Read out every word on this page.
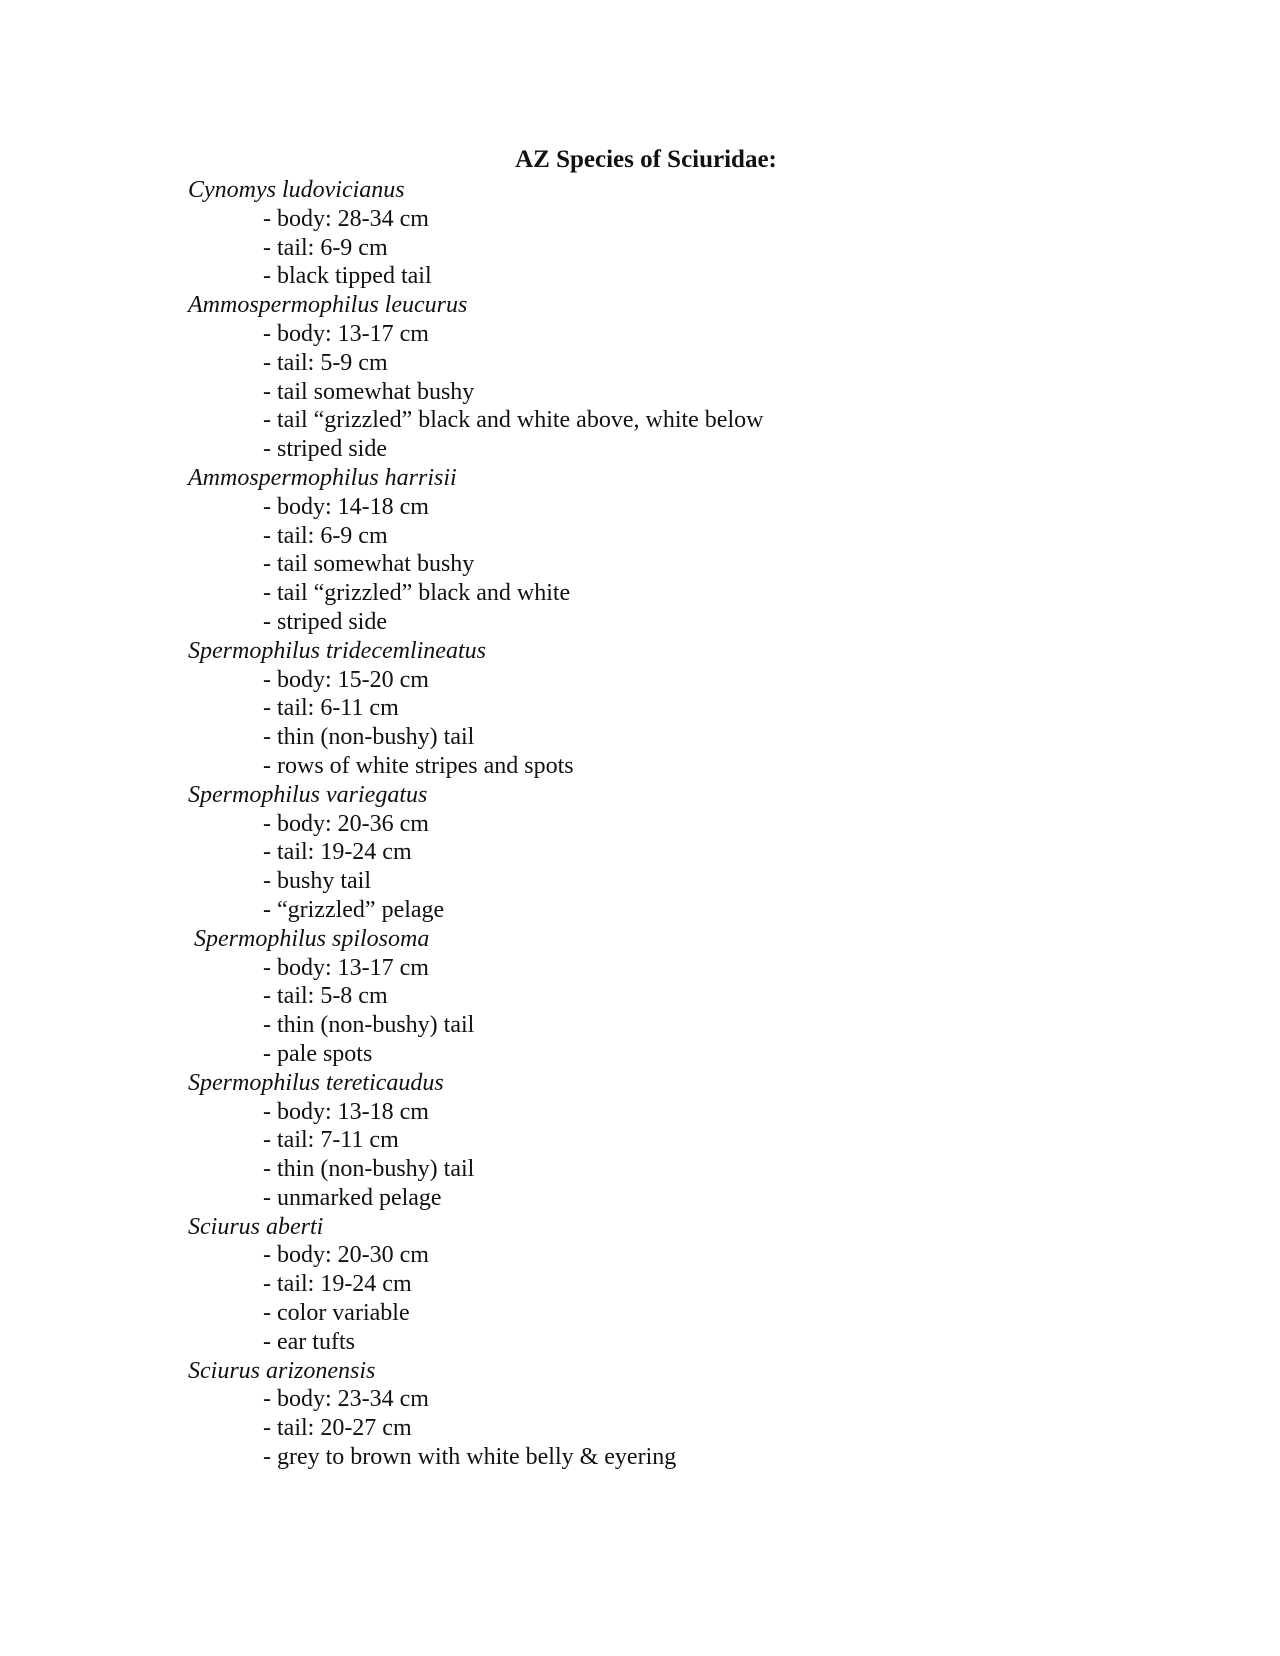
AZ Species of Sciuridae:
Cynomys ludovicianus
- body: 28-34 cm
- tail: 6-9 cm
- black tipped tail
Ammospermophilus leucurus
- body: 13-17 cm
- tail: 5-9 cm
- tail somewhat bushy
- tail “grizzled” black and white above, white below
- striped side
Ammospermophilus harrisii
- body: 14-18 cm
- tail: 6-9 cm
- tail somewhat bushy
- tail “grizzled” black and white
- striped side
Spermophilus tridecemlineatus
- body: 15-20 cm
- tail: 6-11 cm
- thin (non-bushy) tail
- rows of white stripes and spots
Spermophilus variegatus
- body: 20-36 cm
- tail: 19-24 cm
- bushy tail
- “grizzled” pelage
Spermophilus spilosoma
- body: 13-17 cm
- tail: 5-8 cm
- thin (non-bushy) tail
- pale spots
Spermophilus tereticaudus
- body: 13-18 cm
- tail: 7-11 cm
- thin (non-bushy) tail
- unmarked pelage
Sciurus aberti
- body: 20-30 cm
- tail: 19-24 cm
- color variable
- ear tufts
Sciurus arizonensis
- body: 23-34 cm
- tail: 20-27 cm
- grey to brown with white belly & eyering
